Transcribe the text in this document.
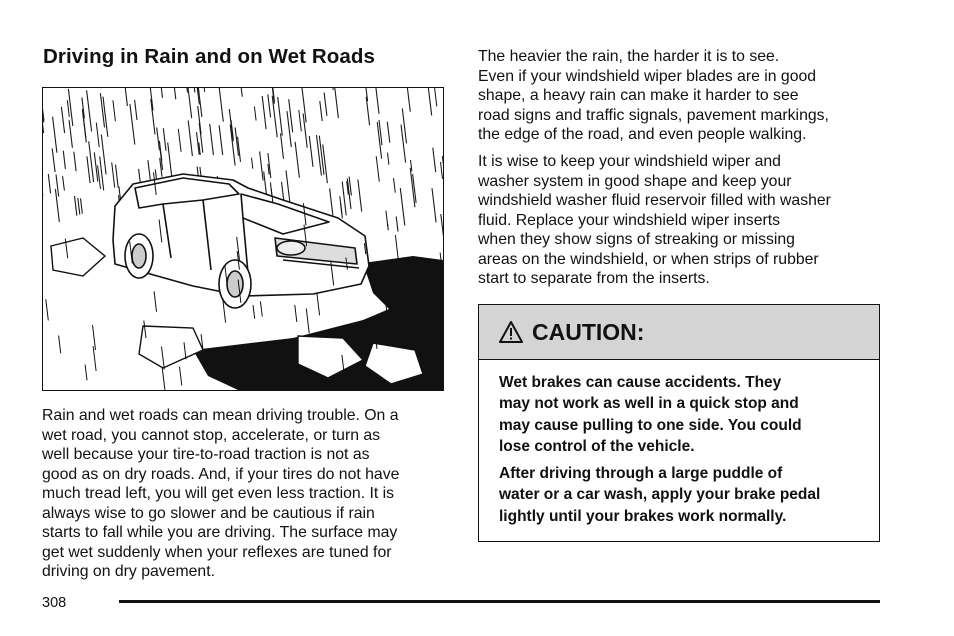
Driving in Rain and on Wet Roads
Rain and wet roads can mean driving trouble. On a
wet road, you cannot stop, accelerate, or turn as
well because your tire-to-road traction is not as
good as on dry roads. And, if your tires do not have
much tread left, you will get even less traction. It is
always wise to go slower and be cautious if rain
starts to fall while you are driving. The surface may
get wet suddenly when your reflexes are tuned for
driving on dry pavement.
The heavier the rain, the harder it is to see.
Even if your windshield wiper blades are in good
shape, a heavy rain can make it harder to see
road signs and traffic signals, pavement markings,
the edge of the road, and even people walking.
It is wise to keep your windshield wiper and
washer system in good shape and keep your
windshield washer fluid reservoir filled with washer
fluid. Replace your windshield wiper inserts
when they show signs of streaking or missing
areas on the windshield, or when strips of rubber
start to separate from the inserts.
CAUTION:

Wet brakes can cause accidents. They
may not work as well in a quick stop and
may cause pulling to one side. You could
lose control of the vehicle.

After driving through a large puddle of
water or a car wash, apply your brake pedal
lightly until your brakes work normally.

308
